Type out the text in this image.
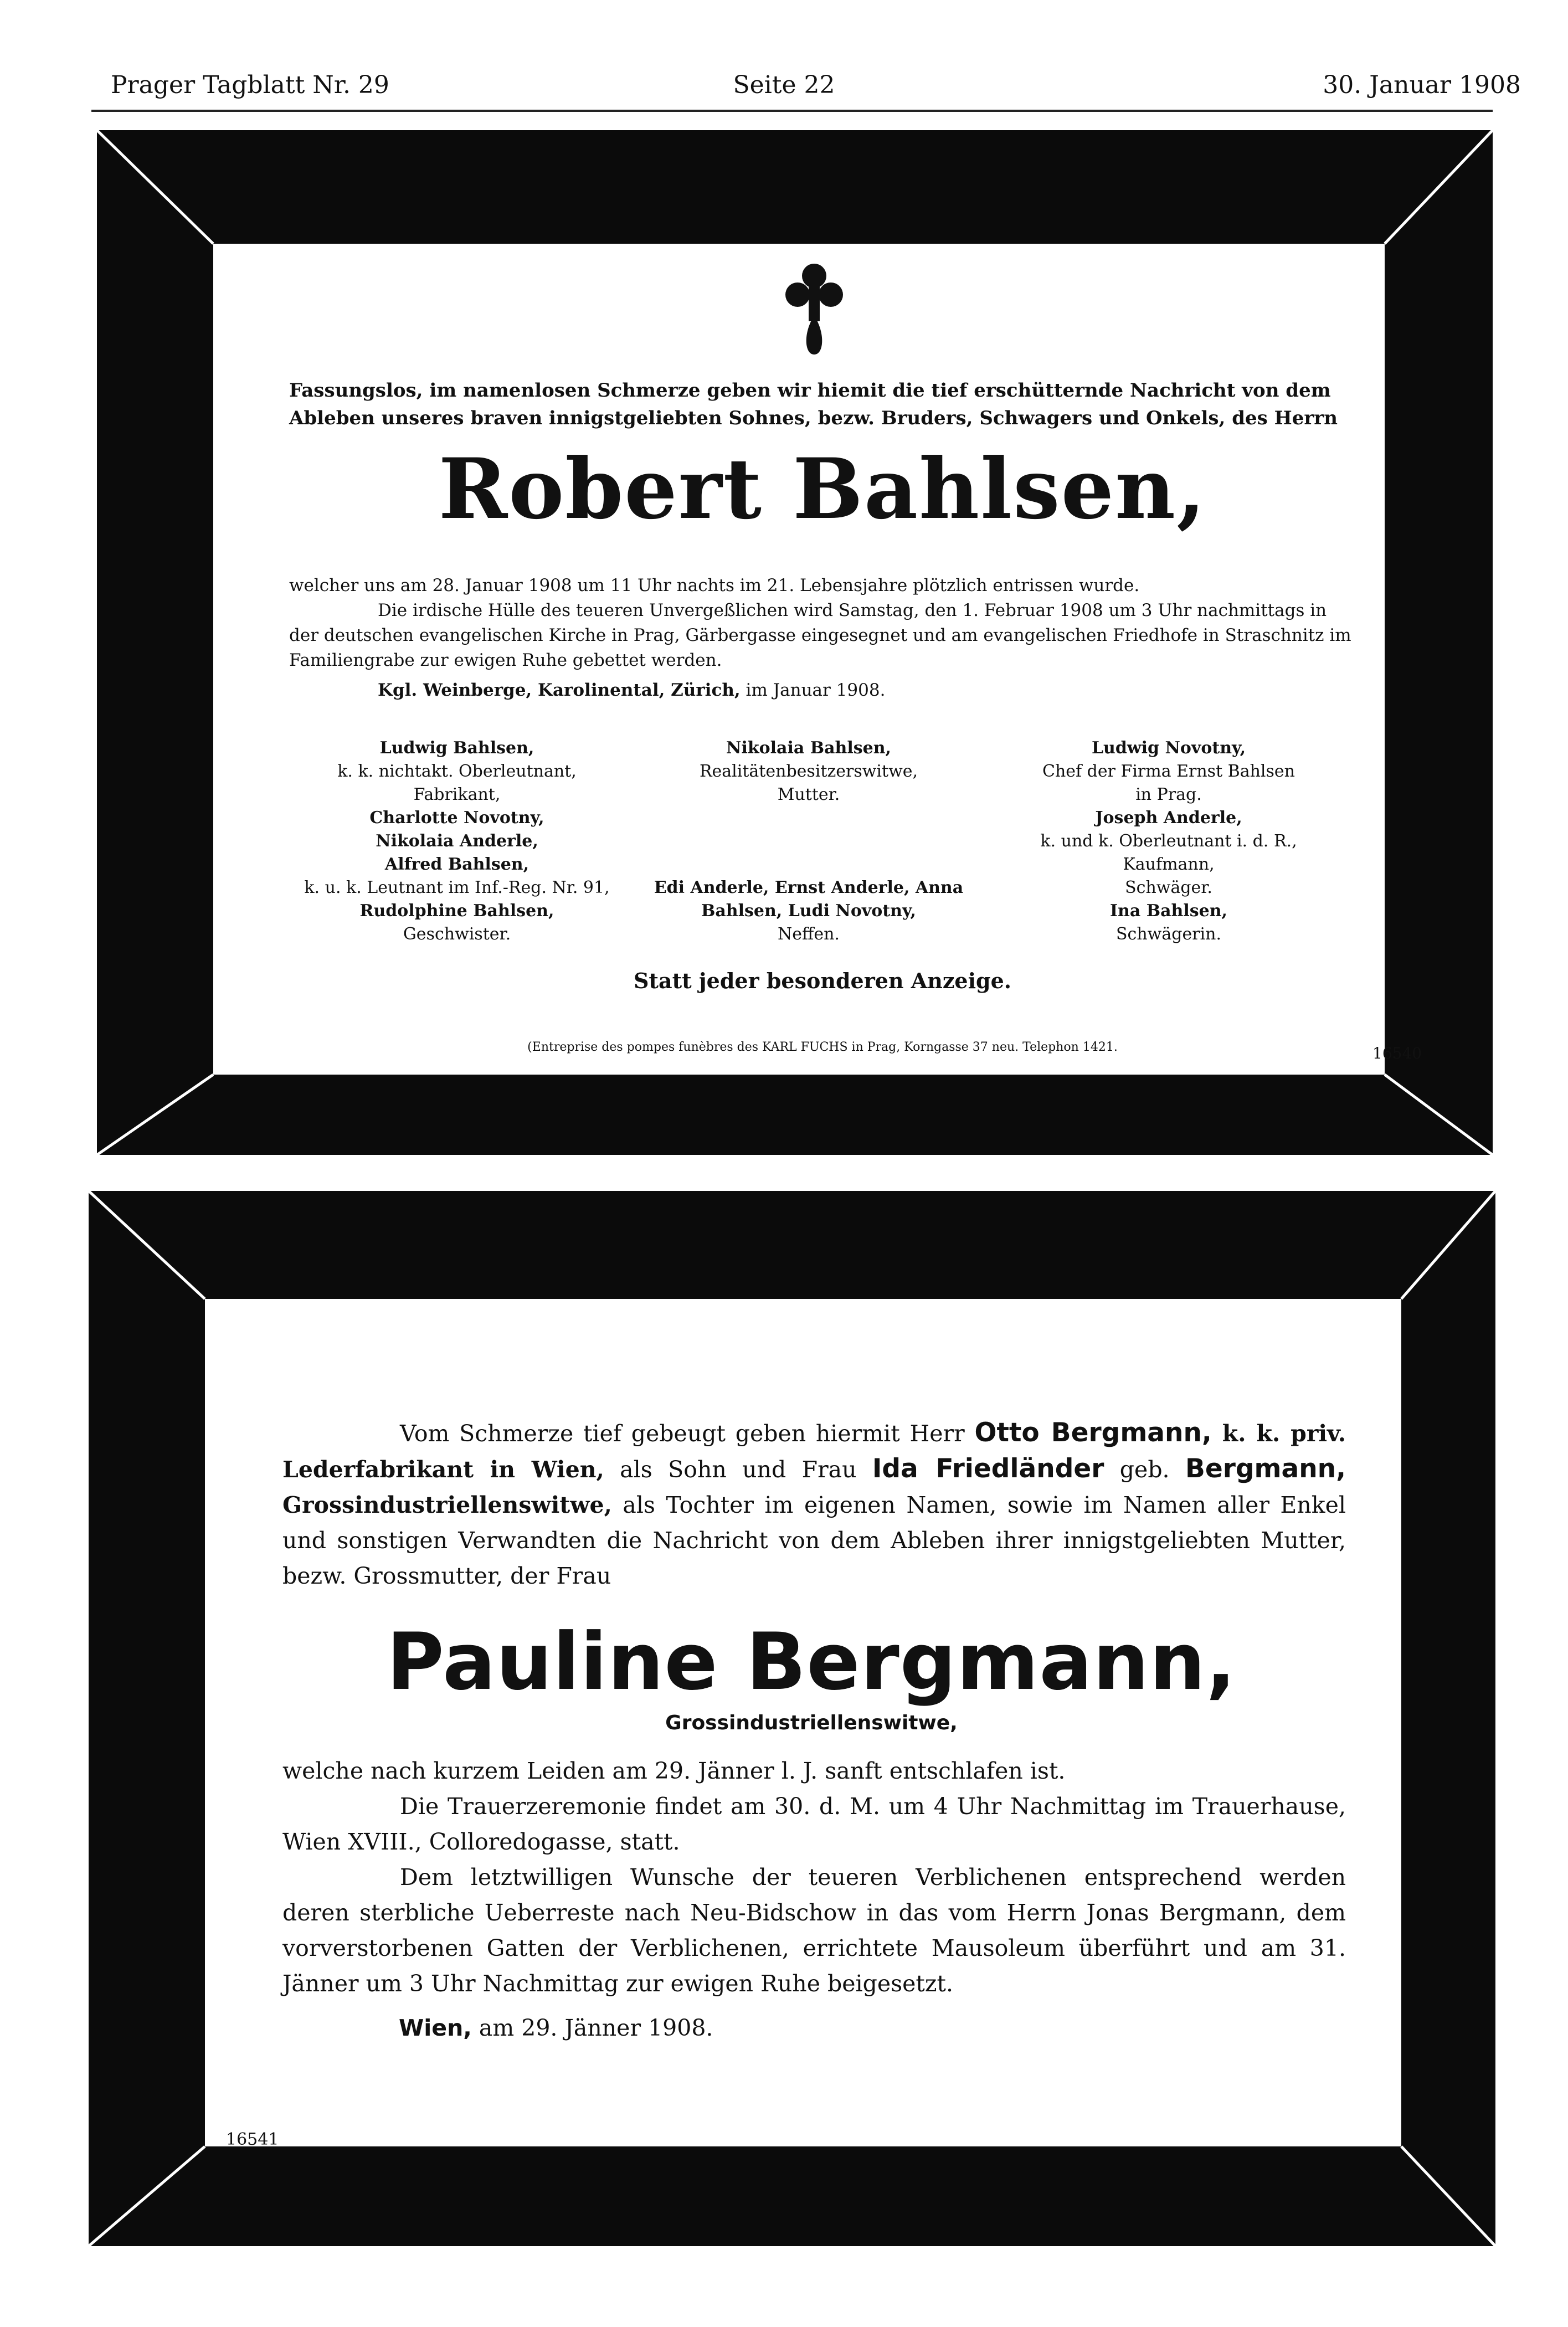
Prager Tagblatt Nr. 29	Seite 22	30. Januar 1908
Fassungslos, im namenlosen Schmerze geben wir hiemit die tief erschütternde Nachricht von dem Ableben unseres braven innigstgeliebten Sohnes, bezw. Bruders, Schwagers und Onkels, des Herrn
Robert Bahlsen,

welcher uns am 28. Januar 1908 um 11 Uhr nachts im 21. Lebensjahre plötzlich entrissen wurde.

Die irdische Hülle des teueren Unvergeßlichen wird Samstag, den 1. Februar 1908 um 3 Uhr nachmittags in der deutschen evangelischen Kirche in Prag, Gärbergasse eingesegnet und am evangelischen Friedhofe in Straschnitz im Familiengrabe zur ewigen Ruhe gebettet werden.

Kgl. Weinberge, Karolinental, Zürich, im Januar 1908.
Ludwig Bahlsen,
k. k. nichtakt. Oberleutnant,
Fabrikant,
Charlotte Novotny,
Nikolaia Anderle,
Alfred Bahlsen,
k. u. k. Leutnant im Inf.-Reg. Nr. 91,
Rudolphine Bahlsen,
Geschwister.
Nikolaia Bahlsen,
Realitätenbesitzerswitwe,
Mutter.
Edi Anderle, Ernst Anderle, Anna
Bahlsen, Ludi Novotny,
Neffen.
Ludwig Novotny,
Chef der Firma Ernst Bahlsen
in Prag.
Joseph Anderle,
k. und k. Oberleutnant i. d. R.,
Kaufmann,
Schwäger.
Ina Bahlsen,
Schwägerin.
Statt jeder besonderen Anzeige.
(Entreprise des pompes funèbres des KARL FUCHS in Prag, Korngasse 37 neu. Telephon 1421.	16540

Vom Schmerze tief gebeugt geben hiermit Herr Otto Bergmann, k. k. priv. Lederfabrikant in Wien, als Sohn und Frau Ida Friedländer geb. Bergmann, Grossindustriellenswitwe, als Tochter im eigenen Namen, sowie im Namen aller Enkel und sonstigen Verwandten die Nachricht von dem Ableben ihrer innigstgeliebten Mutter, bezw. Grossmutter, der Frau

Pauline Bergmann,
Grossindustriellenswitwe,

welche nach kurzem Leiden am 29. Jänner l. J. sanft entschlafen ist.

Die Trauerzeremonie findet am 30. d. M. um 4 Uhr Nachmittag im Trauerhause, Wien XVIII., Colloredogasse, statt.

Dem letztwilligen Wunsche der teueren Verblichenen entsprechend werden deren sterbliche Ueberreste nach Neu-Bidschow in das vom Herrn Jonas Bergmann, dem vorverstorbenen Gatten der Verblichenen, errichtete Mausoleum überführt und am 31. Jänner um 3 Uhr Nachmittag zur ewigen Ruhe beigesetzt.

Wien, am 29. Jänner 1908.
16541
